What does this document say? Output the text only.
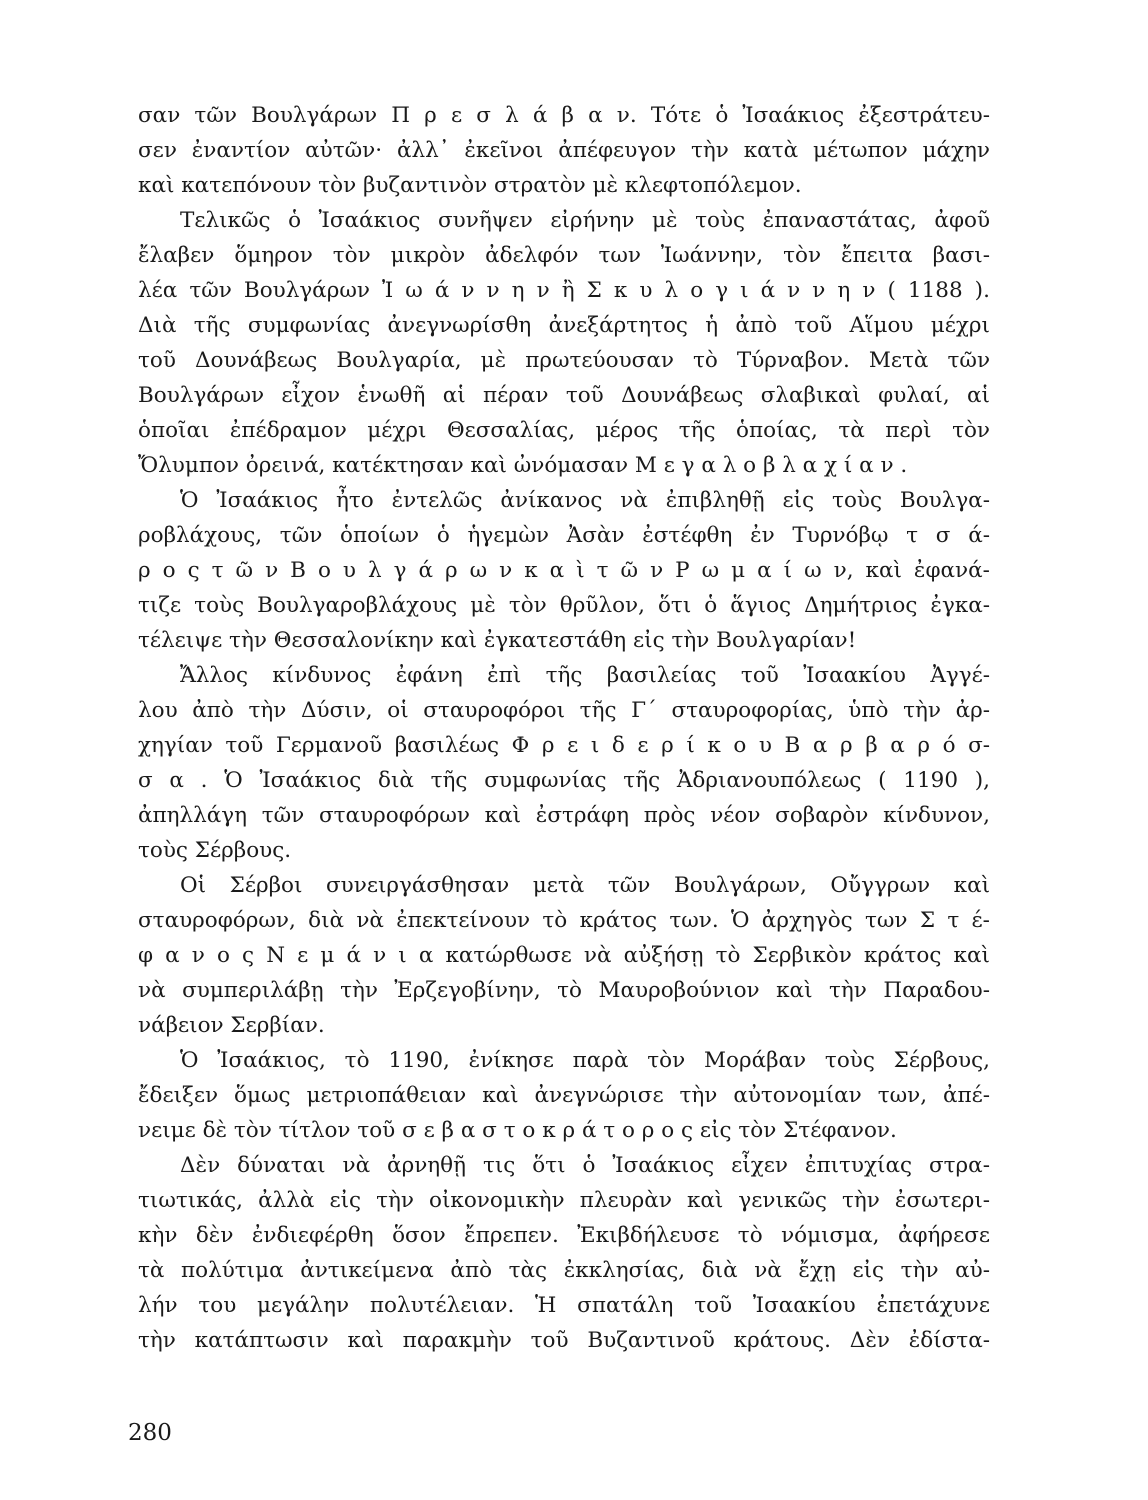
σαν τῶν Βουλγάρων Π ρ ε σ λ ά β α ν. Τότε ὁ Ἰσαάκιος ἐξεστράτευ-
σεν ἐναντίον αὐτῶν· ἀλλ᾽ ἐκεῖνοι ἀπέφευγον τὴν κατὰ μέτωπον μάχην
καὶ κατεπόνουν τὸν βυζαντινὸν στρατὸν μὲ κλεφτοπόλεμον.
Τελικῶς ὁ Ἰσαάκιος συνῆψεν εἰρήνην μὲ τοὺς ἐπαναστάτας, ἀφοῦ
ἔλαβεν ὅμηρον τὸν μικρὸν ἀδελφόν των Ἰωάννην, τὸν ἔπειτα βασι-
λέα τῶν Βουλγάρων Ἰ ω ά ν ν η ν ἢ Σ κ υ λ ο γ ι ά ν ν η ν ( 1188 ).
Διὰ τῆς συμφωνίας ἀνεγνωρίσθη ἀνεξάρτητος ἡ ἀπὸ τοῦ Αἵμου μέχρι
τοῦ Δουνάβεως Βουλγαρία, μὲ πρωτεύουσαν τὸ Τύρναβον. Μετὰ τῶν
Βουλγάρων εἶχον ἑνωθῆ αἱ πέραν τοῦ Δουνάβεως σλαβικαὶ φυλαί, αἱ
ὁποῖαι ἐπέδραμον μέχρι Θεσσαλίας, μέρος τῆς ὁποίας, τὰ περὶ τὸν
Ὄλυμπον ὀρεινά, κατέκτησαν καὶ ὠνόμασαν Μ ε γ α λ ο β λ α χ ί α ν .
Ὁ Ἰσαάκιος ἦτο ἐντελῶς ἀνίκανος νὰ ἐπιβληθῇ εἰς τοὺς Βουλγα-
ροβλάχους, τῶν ὁποίων ὁ ἡγεμὼν Ἀσὰν ἐστέφθη ἐν Τυρνόβῳ τ σ ά-
ρ ο ς τ ῶ ν Β ο υ λ γ ά ρ ω ν κ α ὶ τ ῶ ν Ρ ω μ α ί ω ν, καὶ ἐφανά-
τιζε τοὺς Βουλγαροβλάχους μὲ τὸν θρῦλον, ὅτι ὁ ἅγιος Δημήτριος ἐγκα-
τέλειψε τὴν Θεσσαλονίκην καὶ ἐγκατεστάθη εἰς τὴν Βουλγαρίαν!
Ἄλλος κίνδυνος ἐφάνη ἐπὶ τῆς βασιλείας τοῦ Ἰσαακίου Ἀγγέ-
λου ἀπὸ τὴν Δύσιν, οἱ σταυροφόροι τῆς Γ΄ σταυροφορίας, ὑπὸ τὴν ἀρ-
χηγίαν τοῦ Γερμανοῦ βασιλέως Φ ρ ε ι δ ε ρ ί κ ο υ Β α ρ β α ρ ό σ-
σ α . Ὁ Ἰσαάκιος διὰ τῆς συμφωνίας τῆς Ἀδριανουπόλεως ( 1190 ),
ἀπηλλάγη τῶν σταυροφόρων καὶ ἐστράφη πρὸς νέον σοβαρὸν κίνδυνον,
τοὺς Σέρβους.
Οἱ Σέρβοι συνειργάσθησαν μετὰ τῶν Βουλγάρων, Οὔγγρων καὶ
σταυροφόρων, διὰ νὰ ἐπεκτείνουν τὸ κράτος των. Ὁ ἀρχηγὸς των Σ τ έ-
φ α ν ο ς Ν ε μ ά ν ι α κατώρθωσε νὰ αὐξήσῃ τὸ Σερβικὸν κράτος καὶ
νὰ συμπεριλάβῃ τὴν Ἐρζεγοβίνην, τὸ Μαυροβούνιον καὶ τὴν Παραδου-
νάβειον Σερβίαν.
Ὁ Ἰσαάκιος, τὸ 1190, ἐνίκησε παρὰ τὸν Μοράβαν τοὺς Σέρβους,
ἔδειξεν ὅμως μετριοπάθειαν καὶ ἀνεγνώρισε τὴν αὐτονομίαν των, ἀπέ-
νειμε δὲ τὸν τίτλον τοῦ σ ε β α σ τ ο κ ρ ά τ ο ρ ο ς εἰς τὸν Στέφανον.
Δὲν δύναται νὰ ἀρνηθῇ τις ὅτι ὁ Ἰσαάκιος εἶχεν ἐπιτυχίας στρα-
τιωτικάς, ἀλλὰ εἰς τὴν οἰκονομικὴν πλευρὰν καὶ γενικῶς τὴν ἐσωτερι-
κὴν δὲν ἐνδιεφέρθη ὅσον ἔπρεπεν. Ἐκιβδήλευσε τὸ νόμισμα, ἀφήρεσε
τὰ πολύτιμα ἀντικείμενα ἀπὸ τὰς ἐκκλησίας, διὰ νὰ ἔχῃ εἰς τὴν αὐ-
λήν του μεγάλην πολυτέλειαν. Ἡ σπατάλη τοῦ Ἰσαακίου ἐπετάχυνε
τὴν κατάπτωσιν καὶ παρακμὴν τοῦ Βυζαντινοῦ κράτους. Δὲν ἐδίστα-
280
